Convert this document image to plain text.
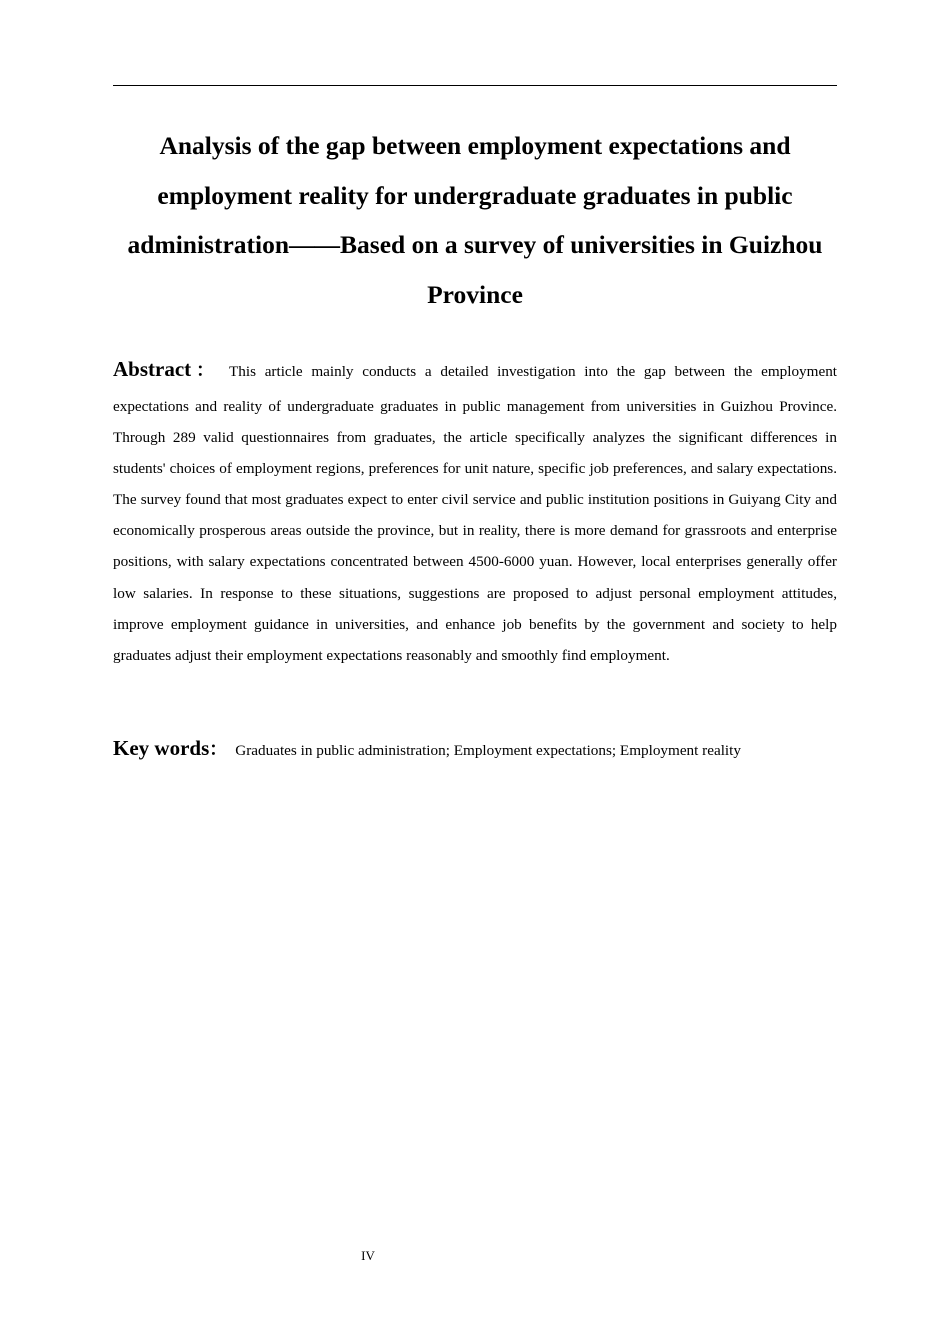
Analysis of the gap between employment expectations and employment reality for undergraduate graduates in public administration——Based on a survey of universities in Guizhou Province
Abstract： This article mainly conducts a detailed investigation into the gap between the employment
expectations and reality of undergraduate graduates in public management from universities in Guizhou Province. Through 289 valid questionnaires from graduates, the article specifically analyzes the significant differences in students' choices of employment regions, preferences for unit nature, specific job preferences, and salary expectations. The survey found that most graduates expect to enter civil service and public institution positions in Guiyang City and economically prosperous areas outside the province, but in reality, there is more demand for grassroots and enterprise positions, with salary expectations concentrated between 4500-6000 yuan. However, local enterprises generally offer low salaries. In response to these situations, suggestions are proposed to adjust personal employment attitudes, improve employment guidance in universities, and enhance job benefits by the government and society to help graduates adjust their employment expectations reasonably and smoothly find employment.
Key words： Graduates in public administration; Employment expectations; Employment reality
IV
